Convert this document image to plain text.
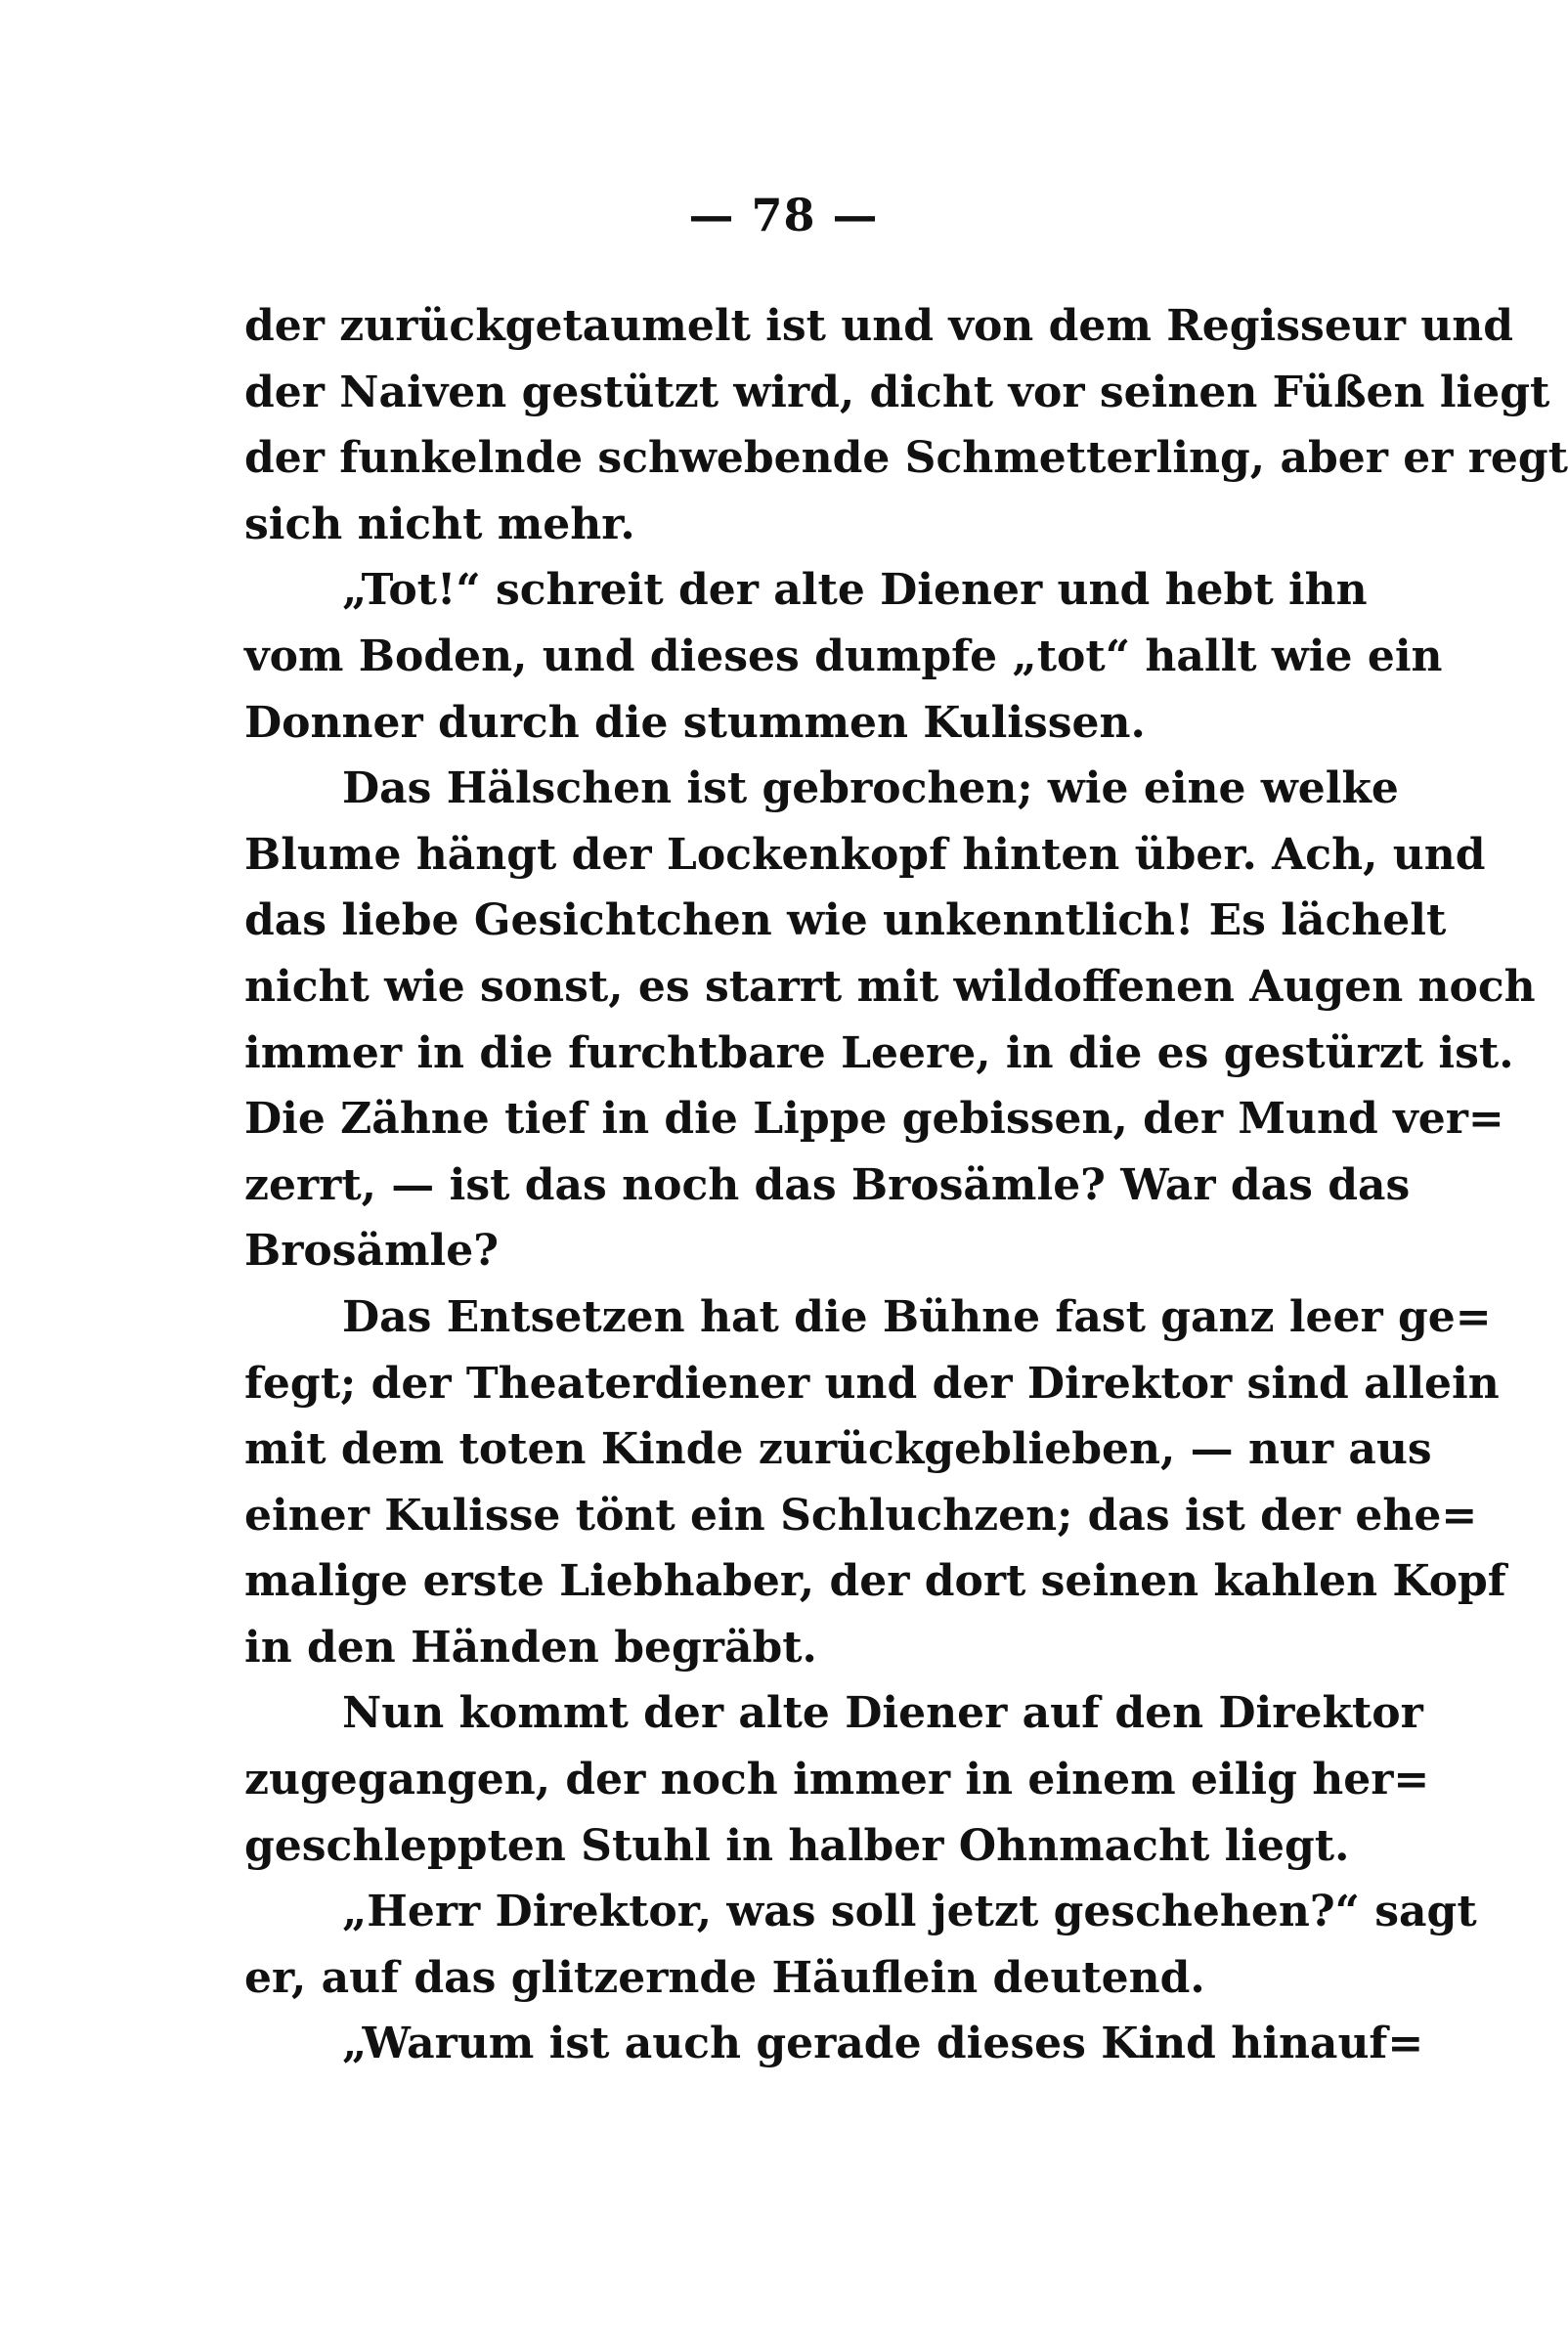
— 78 —
der zurückgetaumelt ist und von dem Regisseur und
der Naiven gestützt wird, dicht vor seinen Füßen liegt
der funkelnde schwebende Schmetterling, aber er regt
sich nicht mehr.
„Tot!“ schreit der alte Diener und hebt ihn
vom Boden, und dieses dumpfe „tot“ hallt wie ein
Donner durch die stummen Kulissen.
Das Hälschen ist gebrochen; wie eine welke
Blume hängt der Lockenkopf hinten über. Ach, und
das liebe Gesichtchen wie unkenntlich! Es lächelt
nicht wie sonst, es starrt mit wildoffenen Augen noch
immer in die furchtbare Leere, in die es gestürzt ist.
Die Zähne tief in die Lippe gebissen, der Mund ver=
zerrt, — ist das noch das Brosämle? War das das
Brosämle?
Das Entsetzen hat die Bühne fast ganz leer ge=
fegt; der Theaterdiener und der Direktor sind allein
mit dem toten Kinde zurückgeblieben, — nur aus
einer Kulisse tönt ein Schluchzen; das ist der ehe=
malige erste Liebhaber, der dort seinen kahlen Kopf
in den Händen begräbt.
Nun kommt der alte Diener auf den Direktor
zugegangen, der noch immer in einem eilig her=
geschleppten Stuhl in halber Ohnmacht liegt.
„Herr Direktor, was soll jetzt geschehen?“ sagt
er, auf das glitzernde Häuflein deutend.
„Warum ist auch gerade dieses Kind hinauf=
